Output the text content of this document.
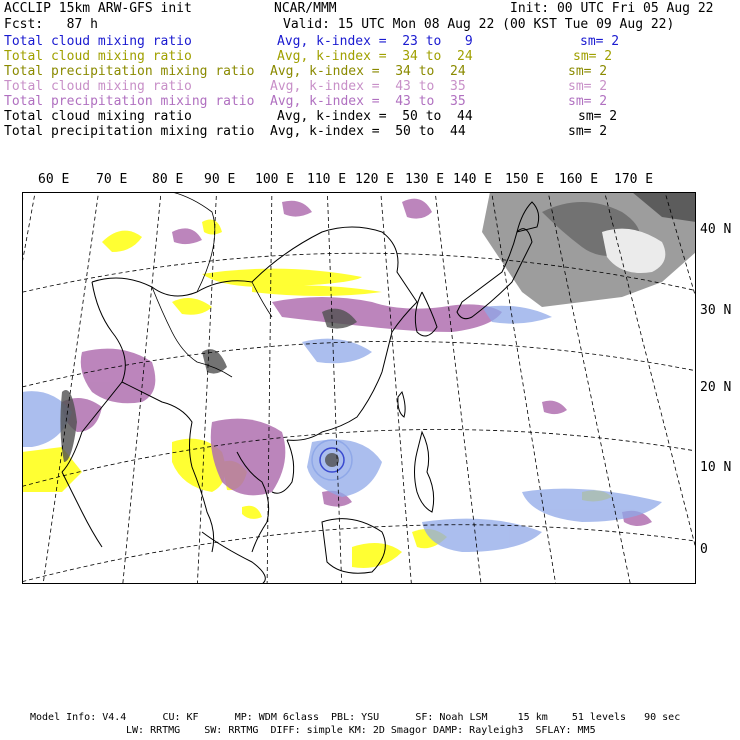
ACCLIP 15km ARW-GFS init	NCAR/MMM	Init: 00 UTC Fri 05 Aug 22
Fcst:   87 h	Valid: 15 UTC Mon 08 Aug 22 (00 KST Tue 09 Aug 22)
Total cloud mixing ratio	Avg, k-index =  23 to   9	sm= 2
Total cloud mixing ratio	Avg, k-index =  34 to  24	sm= 2
Total precipitation mixing ratio Avg, k-index =  34 to  24	sm= 2
Total cloud mixing ratio	Avg, k-index =  43 to  35	sm= 2
Total precipitation mixing ratio Avg, k-index =  43 to  35	sm= 2
Total cloud mixing ratio	Avg, k-index =  50 to  44	sm= 2
Total precipitation mixing ratio Avg, k-index =  50 to  44	sm= 2
60 E 70 E 80 E 90 E 100 E 110 E 120 E 130 E 140 E 150 E 160 E 170 E
40 N
30 N
20 N
10 N
0
Model Info: V4.4      CU: KF      MP: WDM 6class  PBL: YSU      SF: Noah LSM     15 km    51 levels   90 sec
LW: RRTMG    SW: RRTMG  DIFF: simple KM: 2D Smagor DAMP: Rayleigh3  SFLAY: MM5
